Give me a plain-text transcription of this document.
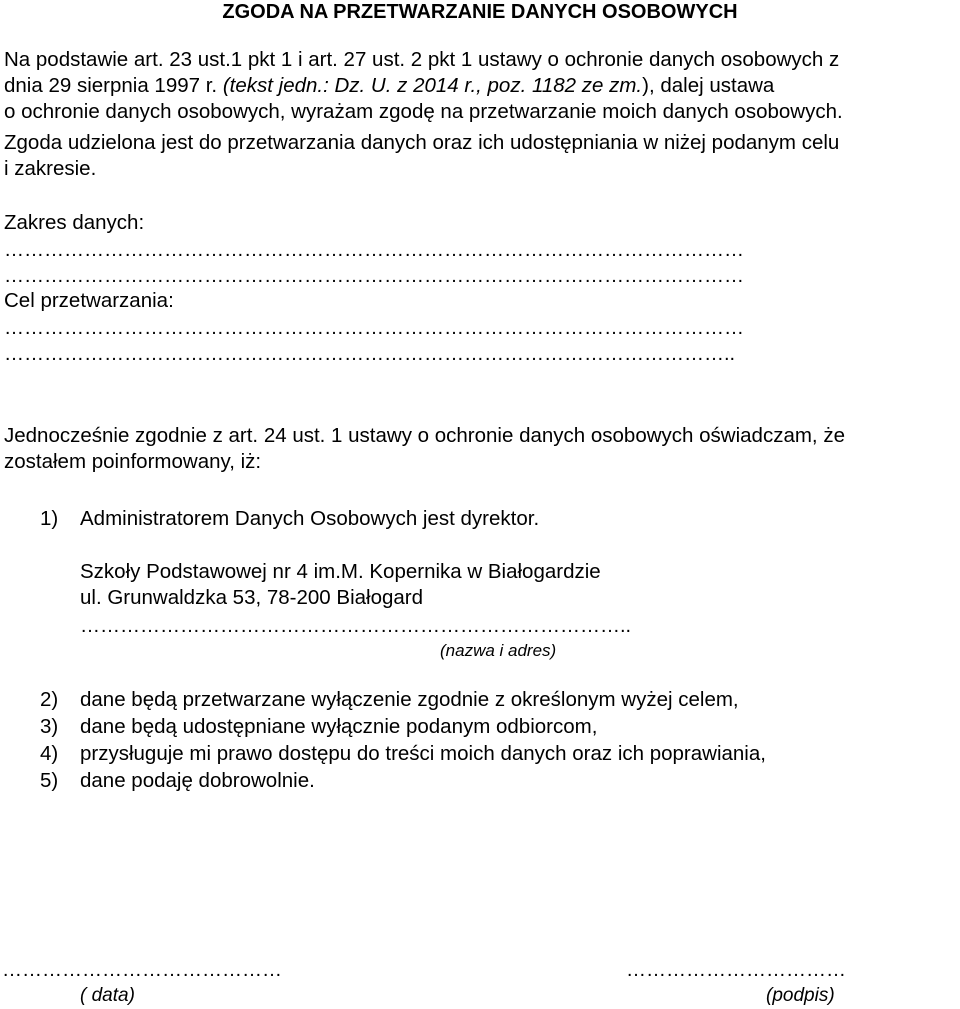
ZGODA NA PRZETWARZANIE DANYCH OSOBOWYCH
Na podstawie art. 23 ust.1 pkt 1 i art. 27 ust. 2 pkt 1 ustawy o ochronie danych osobowych z
dnia 29 sierpnia 1997 r. (tekst jedn.: Dz. U. z 2014 r., poz. 1182 ze zm.), dalej ustawa
o ochronie danych osobowych, wyrażam zgodę na przetwarzanie moich danych osobowych.
Zgoda udzielona jest do przetwarzania danych oraz ich udostępniania w niżej podanym celu
i zakresie.
Zakres danych:
…………………………………………………………………………………………………
…………………………………………………………………………………………………
Cel przetwarzania:
…………………………………………………………………………………………………
………………………………………………………………………………………………..
Jednocześnie zgodnie z art. 24 ust. 1 ustawy o ochronie danych osobowych oświadczam, że
zostałem poinformowany, iż:
1) Administratorem Danych Osobowych jest dyrektor.
Szkoły Podstawowej nr 4 im.M. Kopernika w Białogardzie
ul. Grunwaldzka 53, 78-200 Białogard
………………………………………………………………………..
(nazwa i adres)
2) dane będą przetwarzane wyłączenie zgodnie z określonym wyżej celem,
3) dane będą udostępniane wyłącznie podanym odbiorcom,
4) przysługuje mi prawo dostępu do treści moich danych oraz ich poprawiania,
5) dane podaję dobrowolnie.
……………………………………
( data)
……………………………
(podpis)
